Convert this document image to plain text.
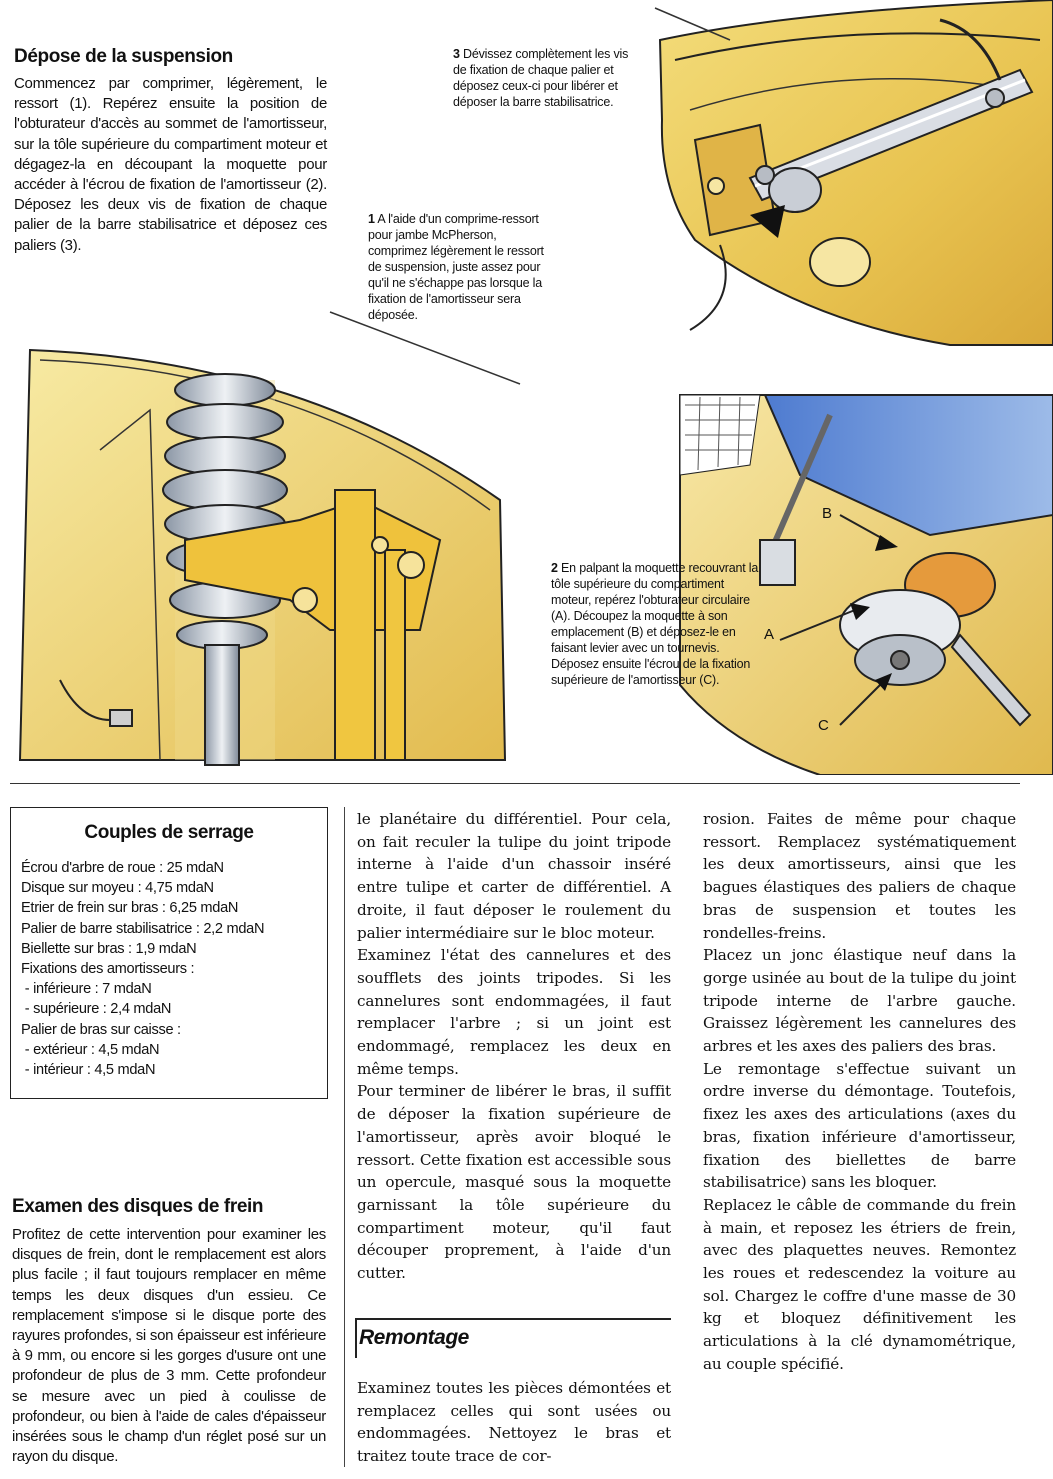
B
A
C
Dépose de la suspension
Commencez par comprimer, légèrement, le ressort (1). Repérez ensuite la position de l'obturateur d'accès au sommet de l'amortisseur, sur la tôle supérieure du compartiment moteur et dégagez-la en découpant la moquette pour accéder à l'écrou de fixation de l'amortisseur (2). Déposez les deux vis de fixation de chaque palier de la barre stabilisatrice et déposez ces paliers (3).
3 Dévissez complètement les vis de fixation de chaque palier et déposez ceux-ci pour libérer et déposer la barre stabilisatrice.
1 A l'aide d'un comprime-ressort pour jambe McPherson, comprimez légèrement le ressort de suspension, juste assez pour qu'il ne s'échappe pas lorsque la fixation de l'amortisseur sera déposée.
2 En palpant la moquette recouvrant la tôle supérieure du compartiment moteur, repérez l'obturateur circulaire (A). Découpez la moquette à son emplacement (B) et déposez-le en faisant levier avec un tournevis. Déposez ensuite l'écrou de la fixation supérieure de l'amortisseur (C).
Couples de serrage
Écrou d'arbre de roue : 25 mdaN
Disque sur moyeu : 4,75 mdaN
Etrier de frein sur bras : 6,25 mdaN
Palier de barre stabilisatrice : 2,2 mdaN
Biellette sur bras : 1,9 mdaN
Fixations des amortisseurs :
- inférieure : 7 mdaN
- supérieure : 2,4 mdaN
Palier de bras sur caisse :
- extérieur : 4,5 mdaN
- intérieur : 4,5 mdaN
Examen des disques de frein
Profitez de cette intervention pour examiner les disques de frein, dont le remplacement est alors plus facile ; il faut toujours remplacer en même temps les deux disques d'un essieu. Ce remplacement s'impose si le disque porte des rayures profondes, si son épaisseur est inférieure à 9 mm, ou encore si les gorges d'usure ont une profondeur de plus de 3 mm. Cette profondeur se mesure avec un pied à coulisse de profondeur, ou bien à l'aide de cales d'épaisseur insérées sous le champ d'un réglet posé sur un rayon du disque.

le planétaire du différentiel. Pour cela, on fait reculer la tulipe du joint tripode interne à l'aide d'un chassoir inséré entre tulipe et carter de différentiel. A droite, il faut déposer le roulement du palier intermédiaire sur le bloc moteur.

Examinez l'état des cannelures et des soufflets des joints tripodes. Si les cannelures sont endommagées, il faut remplacer l'arbre ; si un joint est endommagé, remplacez les deux en même temps.

Pour terminer de libérer le bras, il suffit de déposer la fixation supérieure de l'amortisseur, après avoir bloqué le ressort. Cette fixation est accessible sous un opercule, masqué sous la moquette garnissant la tôle supérieure du compartiment moteur, qu'il faut découper proprement, à l'aide d'un cutter.

Remontage
Examinez toutes les pièces démontées et remplacez celles qui sont usées ou endommagées. Nettoyez le bras et traitez toute trace de cor-

rosion. Faites de même pour chaque ressort. Remplacez systématiquement les deux amortisseurs, ainsi que les bagues élastiques des paliers de chaque bras de suspension et toutes les rondelles-freins.

Placez un jonc élastique neuf dans la gorge usinée au bout de la tulipe du joint tripode interne de l'arbre gauche. Graissez légèrement les cannelures des arbres et les axes des paliers des bras.

Le remontage s'effectue suivant un ordre inverse du démontage. Toutefois, fixez les axes des articulations (axes du bras, fixation inférieure d'amortisseur, fixation des biellettes de barre stabilisatrice) sans les bloquer.

Replacez le câble de commande du frein à main, et reposez les étriers de frein, avec des plaquettes neuves. Remontez les roues et redescendez la voiture au sol. Chargez le coffre d'une masse de 30 kg et bloquez définitivement les articulations à la clé dynamométrique, au couple spécifié.
